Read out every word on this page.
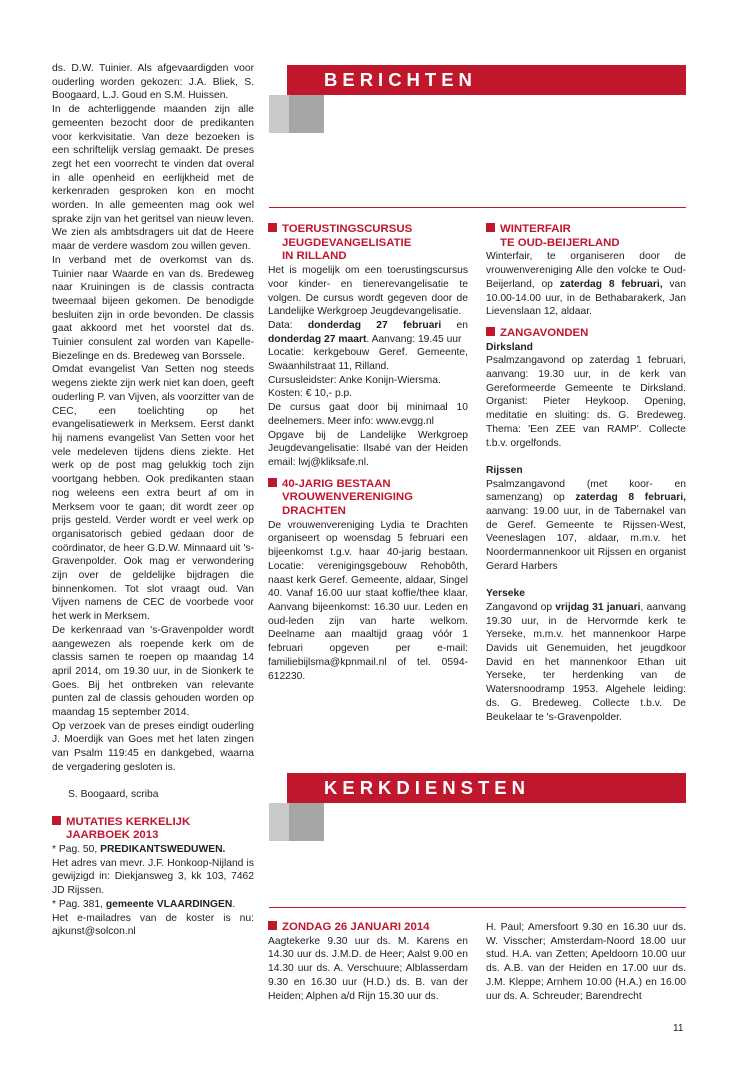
ds. D.W. Tuinier. Als afgevaardigden voor ouderling worden gekozen: J.A. Bliek, S. Boogaard, L.J. Goud en S.M. Huissen.

In de achterliggende maanden zijn alle gemeenten bezocht door de predikanten voor kerkvisitatie. Van deze bezoeken is een schriftelijk verslag gemaakt. De preses zegt het een voorrecht te vinden dat overal in alle openheid en eerlijkheid met de kerkenraden gesproken kon en mocht worden. In alle gemeenten mag ook wel sprake zijn van het geritsel van nieuw leven. We zien als ambtsdragers uit dat de Heere maar de verdere wasdom zou willen geven.

In verband met de overkomst van ds. Tuinier naar Waarde en van ds. Bredeweg naar Kruiningen is de classis contracta tweemaal bijeen gekomen. De benodigde besluiten zijn in orde bevonden. De classis gaat akkoord met het voorstel dat ds. Tuinier consulent zal worden van Kapelle-Biezelinge en ds. Bredeweg van Borssele.

Omdat evangelist Van Setten nog steeds wegens ziekte zijn werk niet kan doen, geeft ouderling P. van Vijven, als voorzitter van de CEC, een toelichting op het evangelisatiewerk in Merksem. Eerst dankt hij namens evangelist Van Setten voor het vele medeleven tijdens diens ziekte. Het werk op de post mag gelukkig toch zijn voortgang hebben. Ook predikanten staan nog weleens een extra beurt af om in Merksem voor te gaan; dit wordt zeer op prijs gesteld. Verder wordt er veel werk op organisatorisch gebied gedaan door de coördinator, de heer G.D.W. Minnaard uit 's-Gravenpolder. Ook mag er verwondering zijn over de geldelijke bijdragen die binnenkomen. Tot slot vraagt oud. Van Vijven namens de CEC de voorbede voor het werk in Merksem.

De kerkenraad van 's-Gravenpolder wordt aangewezen als roepende kerk om de classis samen te roepen op maandag 14 april 2014, om 19.30 uur, in de Sionkerk te Goes. Bij het ontbreken van relevante punten zal de classis gehouden worden op maandag 15 september 2014.

Op verzoek van de preses eindigt ouderling J. Moerdijk van Goes met het laten zingen van Psalm 119:45 en dankgebed, waarna de vergadering gesloten is.

S. Boogaard, scriba

MUTATIES KERKELIJK
JAARBOEK 2013

* Pag. 50, PREDIKANTSWEDUWEN.

Het adres van mevr. J.F. Honkoop-Nijland is gewijzigd in: Diekjansweg 3, kk 103, 7462 JD Rijssen.

* Pag. 381, gemeente VLAARDINGEN.

Het e-mailadres van de koster is nu: ajkunst@solcon.nl

BERICHTEN
TOERUSTINGSCURSUS
JEUGDEVANGELISATIE
IN RILLAND

Het is mogelijk om een toerustingscursus voor kinder- en tienerevangelisatie te volgen. De cursus wordt gegeven door de Landelijke Werkgroep Jeugdevangelisatie.

Data: donderdag 27 februari en donderdag 27 maart. Aanvang: 19.45 uur

Locatie: kerkgebouw Geref. Gemeente, Swaanhilstraat 11, Rilland.

Cursusleidster: Anke Konijn-Wiersma.

Kosten: € 10,- p.p.

De cursus gaat door bij minimaal 10 deelnemers. Meer info: www.evgg.nl

Opgave bij de Landelijke Werkgroep Jeugdevangelisatie: Ilsabé van der Heiden email: lwj@kliksafe.nl.

40-JARIG BESTAAN
VROUWENVERENIGING
DRACHTEN

De vrouwenvereniging Lydia te Drachten organiseert op woensdag 5 februari een bijeenkomst t.g.v. haar 40-jarig bestaan. Locatie: verenigingsgebouw Rehobôth, naast kerk Geref. Gemeente, aldaar, Singel 40. Vanaf 16.00 uur staat koffie/thee klaar. Aanvang bijeenkomst: 16.30 uur. Leden en oud-leden zijn van harte welkom. Deelname aan maaltijd graag vóór 1 februari opgeven per e-mail: familiebijlsma@kpnmail.nl of tel. 0594-612230.

WINTERFAIR
TE OUD-BEIJERLAND

Winterfair, te organiseren door de vrouwenvereniging Alle den volcke te Oud-Beijerland, op zaterdag 8 februari, van 10.00-14.00 uur, in de Bethabarakerk, Jan Lievenslaan 12, aldaar.

ZANGAVONDEN

Dirksland

Psalmzangavond op zaterdag 1 februari, aanvang: 19.30 uur, in de kerk van Gereformeerde Gemeente te Dirksland. Organist: Pieter Heykoop. Opening, meditatie en sluiting: ds. G. Bredeweg. Thema: 'Een ZEE van RAMP'. Collecte t.b.v. orgelfonds.

Rijssen

Psalmzangavond (met koor- en samenzang) op zaterdag 8 februari, aanvang: 19.00 uur, in de Tabernakel van de Geref. Gemeente te Rijssen-West, Veeneslagen 107, aldaar, m.m.v. het Noordermannenkoor uit Rijssen en organist Gerard Harbers

Yerseke

Zangavond op vrijdag 31 januari, aanvang 19.30 uur, in de Hervormde kerk te Yerseke, m.m.v. het mannenkoor Harpe Davids uit Genemuiden, het jeugdkoor David en het mannenkoor Ethan uit Yerseke, ter herdenking van de Watersnoodramp 1953. Algehele leiding: ds. G. Bredeweg. Collecte t.b.v. De Beukelaar te 's-Gravenpolder.

KERKDIENSTEN
ZONDAG 26 JANUARI 2014

Aagtekerke 9.30 uur ds. M. Karens en 14.30 uur ds. J.M.D. de Heer; Aalst 9.00 en 14.30 uur ds. A. Verschuure; Alblasserdam 9.30 en 16.30 uur (H.D.) ds. B. van der Heiden; Alphen a/d Rijn 15.30 uur ds.

H. Paul; Amersfoort 9.30 en 16.30 uur ds. W. Visscher; Amsterdam-Noord 18.00 uur stud. H.A. van Zetten; Apeldoorn 10.00 uur ds. A.B. van der Heiden en 17.00 uur ds. J.M. Kleppe; Arnhem 10.00 (H.A.) en 16.00 uur ds. A. Schreuder; Barendrecht

11
